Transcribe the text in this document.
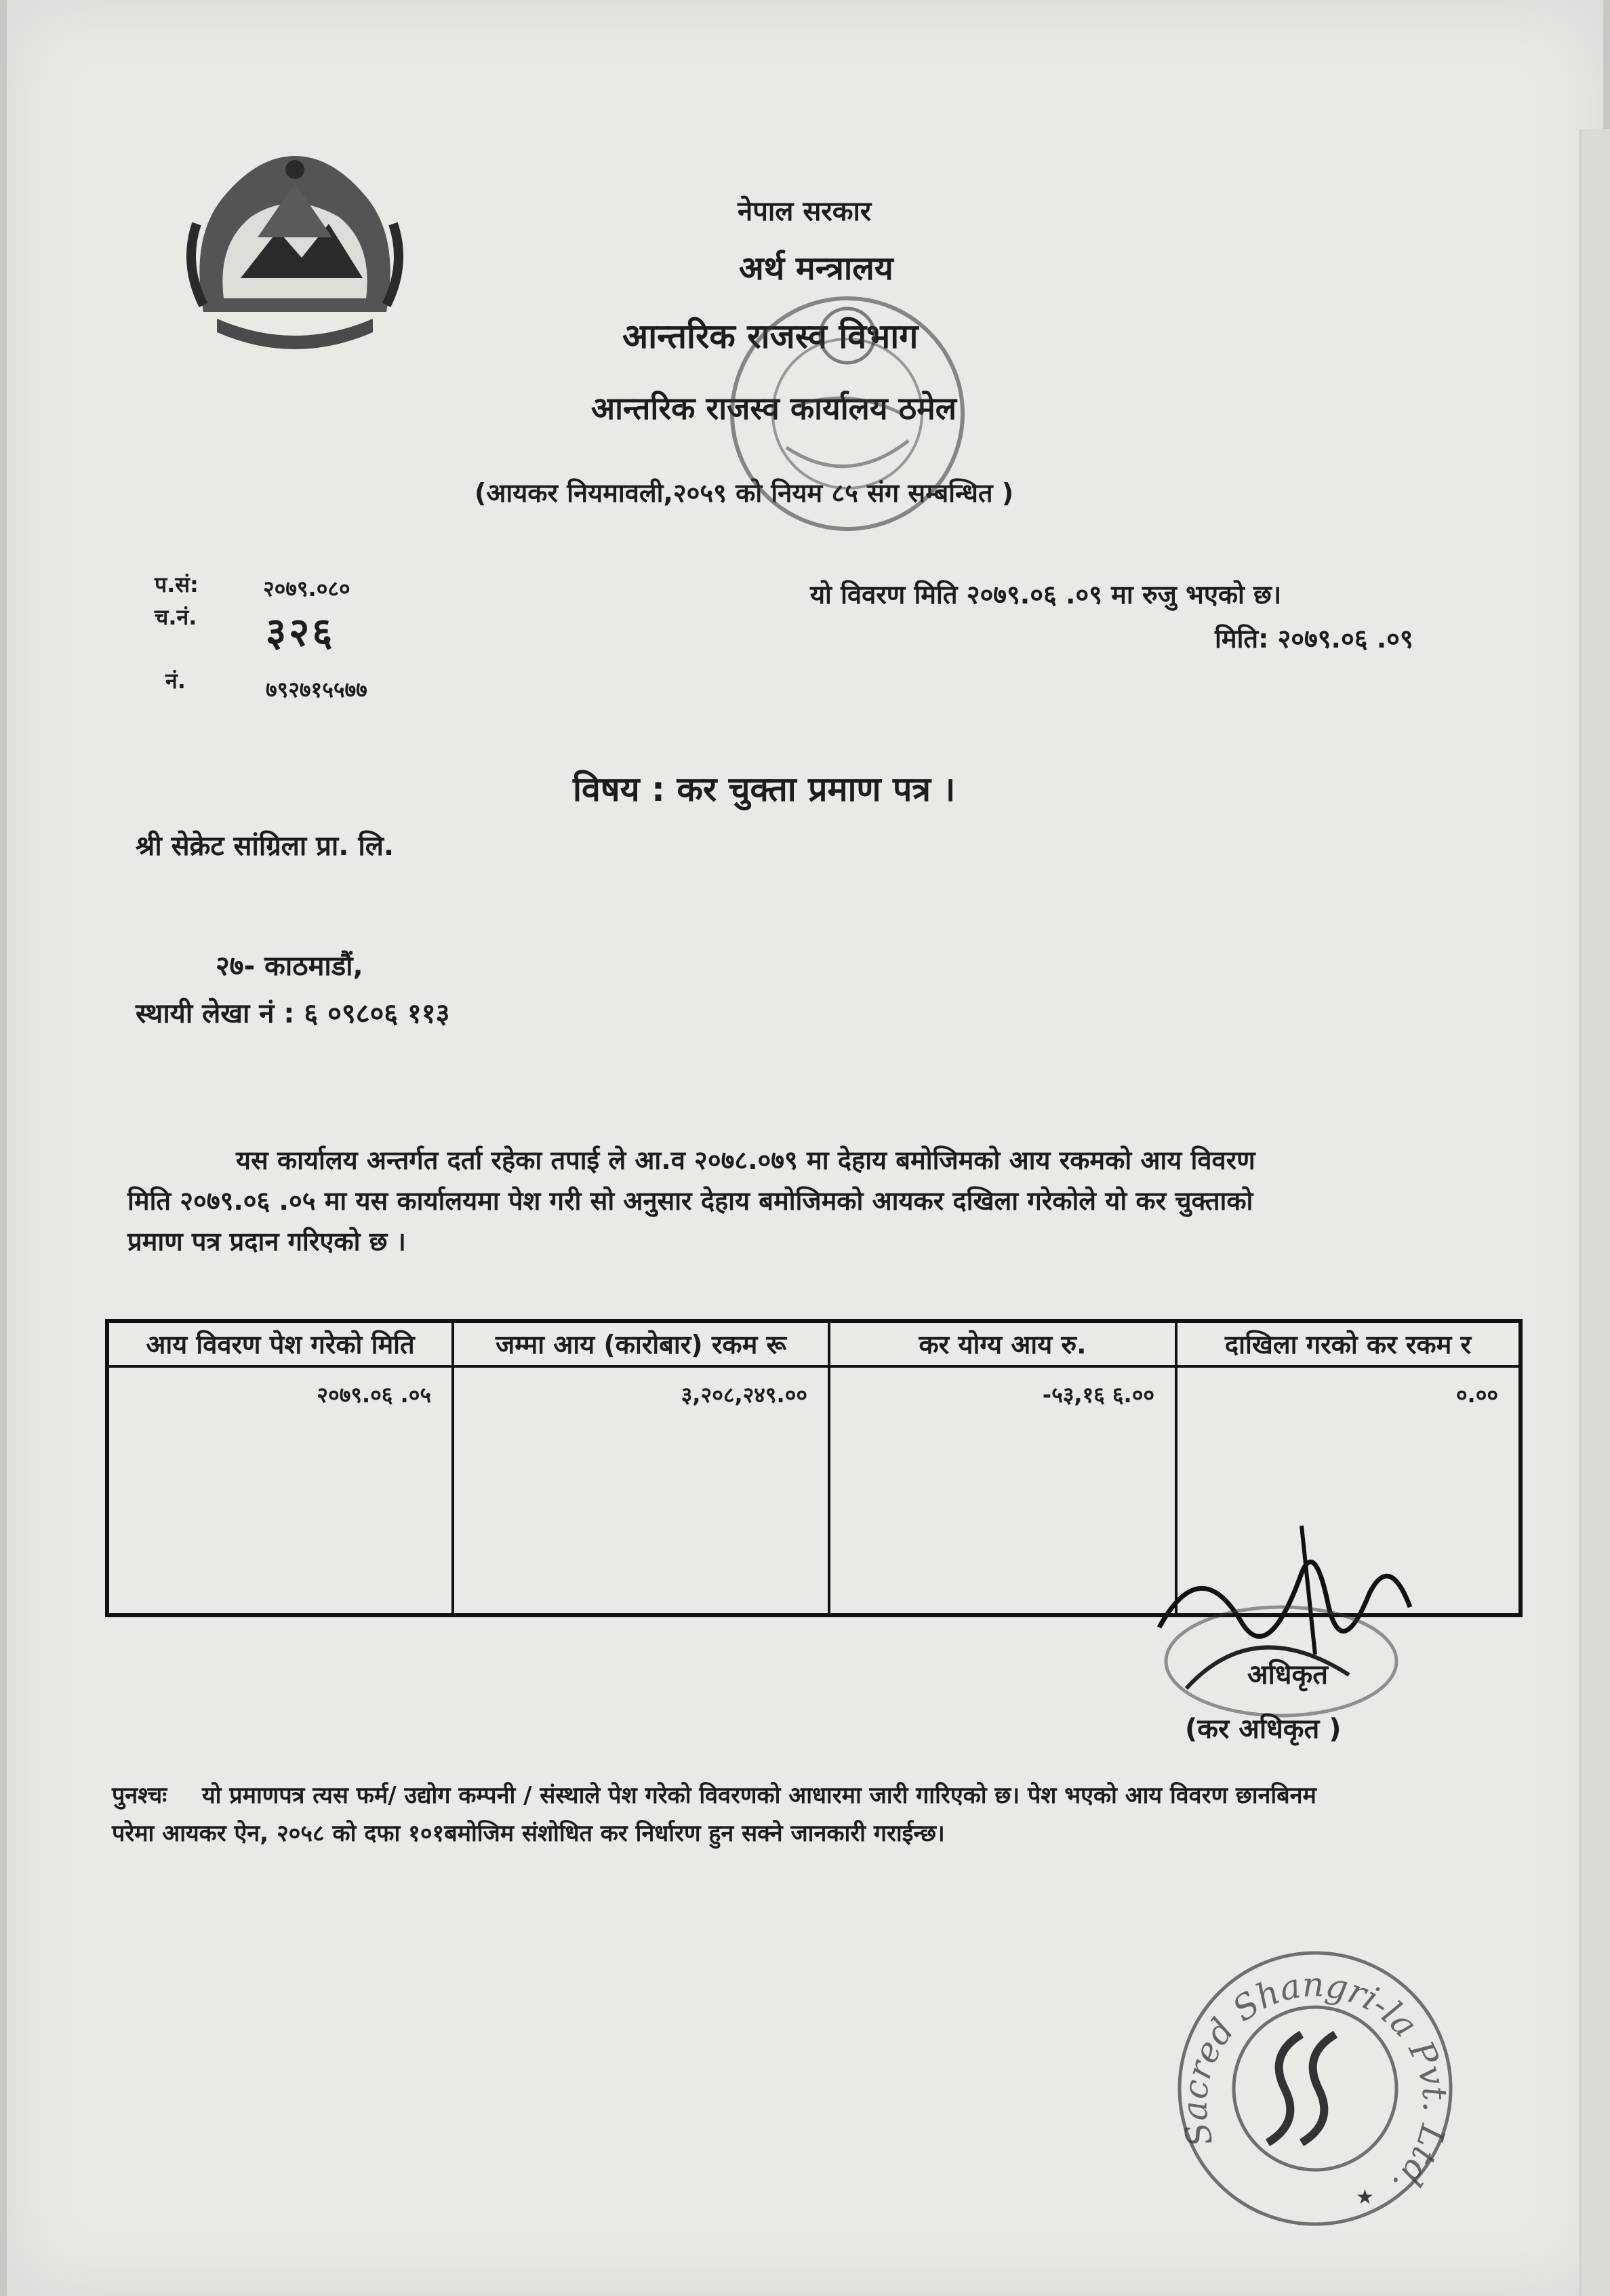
नेपाल सरकार
अर्थ मन्त्रालय
आन्तरिक राजस्व विभाग
आन्तरिक राजस्व कार्यालय ठमेल
(आयकर नियमावली,२०५९ को नियम ८५ संग सम्बन्धित )
प.सं:	२०७९.०८०
च.नं. ३२६
नं.	७९२७१५५७७
यो विवरण मिति २०७९.०६ .०९ मा रुजु भएको छ।
मिति: २०७९.०६ .०९
विषय : कर चुक्ता प्रमाण पत्र ।
श्री सेक्रेट सांग्रिला प्रा. लि.
२७- काठमाडौं,
स्थायी लेखा नं : ६ ०९८०६ ११३
यस कार्यालय अन्तर्गत दर्ता रहेका तपाई ले आ.व २०७८.०७९ मा देहाय बमोजिमको आय रकमको आय विवरण
मिति २०७९.०६ .०५ मा यस कार्यालयमा पेश गरी सो अनुसार देहाय बमोजिमको आयकर दखिला गरेकोले यो कर चुक्ताको
प्रमाण पत्र प्रदान गरिएको छ ।
आय विवरण पेश गरेको मिति	जम्मा आय (कारोबार) रकम रू	कर योग्य आय रु.	दाखिला गरको कर रकम र
२०७९.०६ .०५	३,२०८,२४९.००	-५३,१६ ६.००	०.००
अधिकृत
(कर अधिकृत )
पुनश्चः यो प्रमाणपत्र त्यस फर्म/ उद्योग कम्पनी / संस्थाले पेश गरेको विवरणको आधारमा जारी गारिएको छ। पेश भएको आय विवरण छानबिनम
परेमा आयकर ऐन, २०५८ को दफा १०१बमोजिम संशोधित कर निर्धारण हुन सक्ने जानकारी गराईन्छ।
Sacred Shangri-la Pvt. Ltd.
★
